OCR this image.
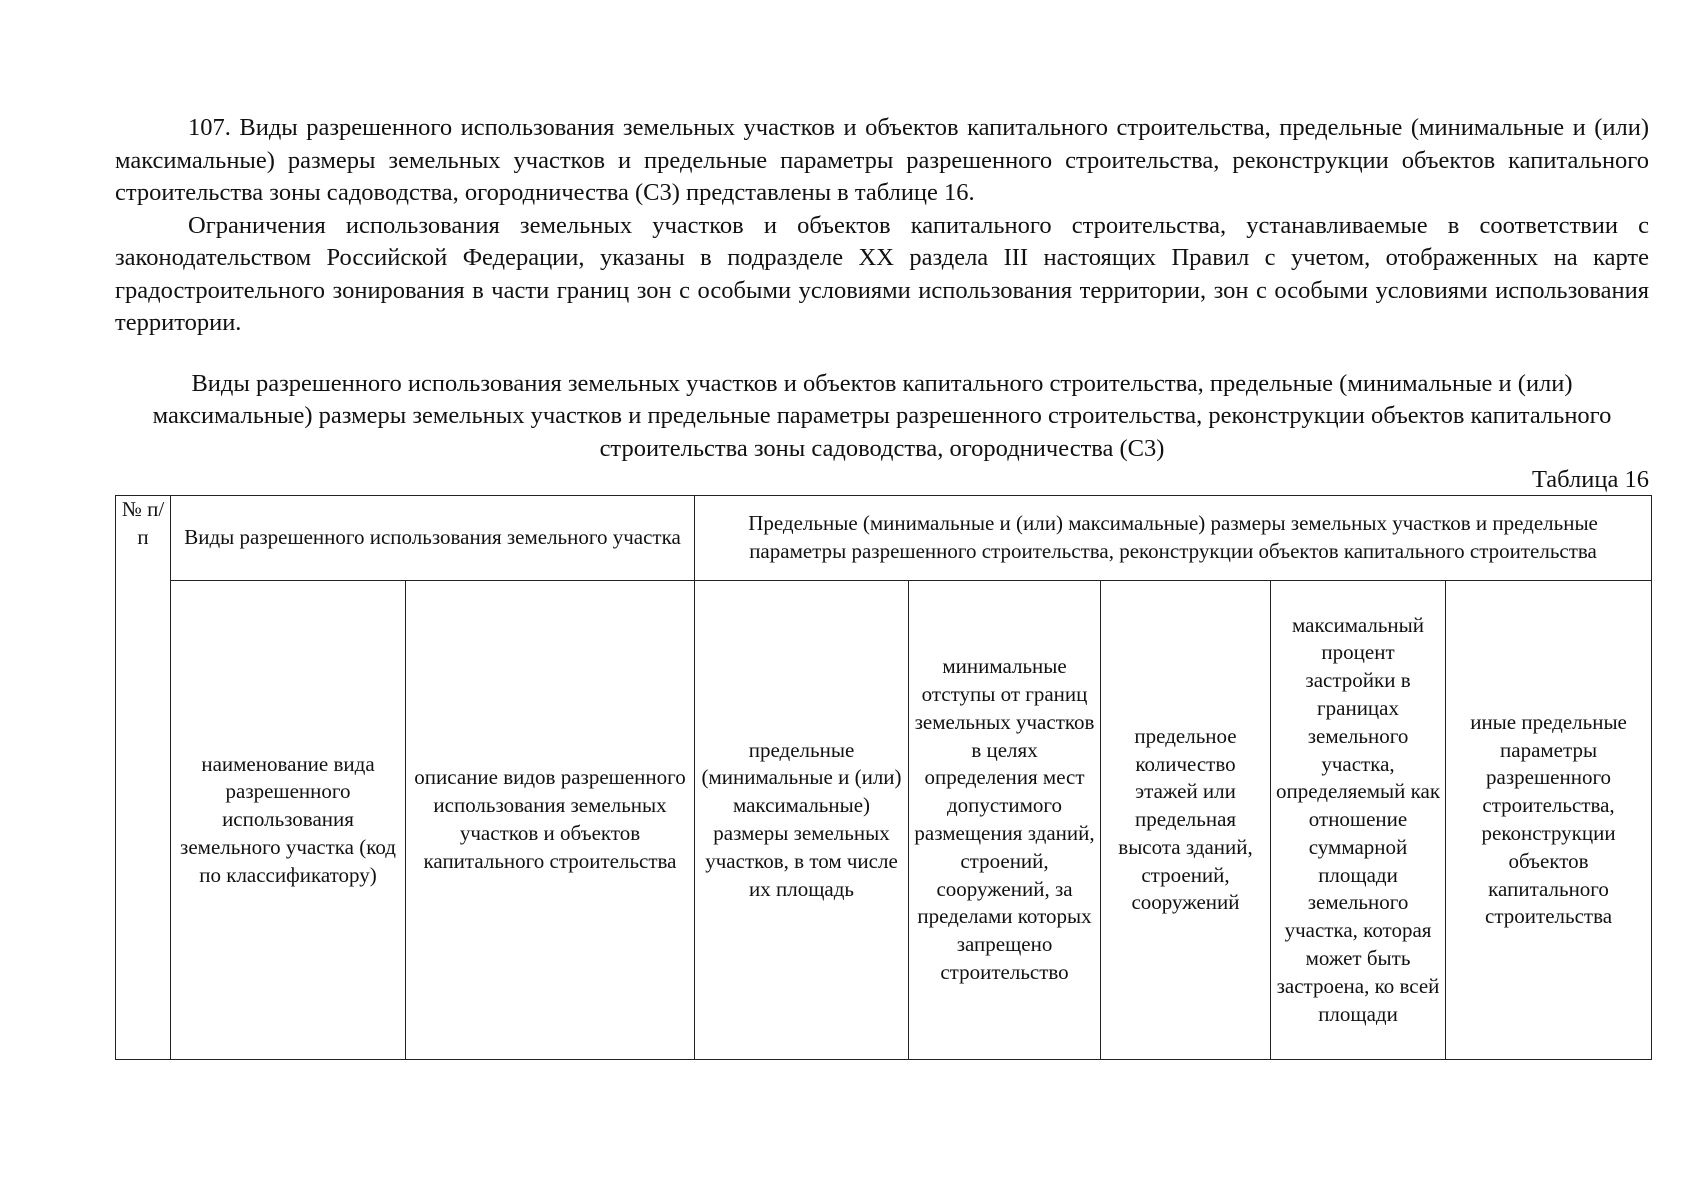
107. Виды разрешенного использования земельных участков и объектов капитального строительства, предельные (минимальные и (или) максимальные) размеры земельных участков и предельные параметры разрешенного строительства, реконструкции объектов капитального строительства зоны садоводства, огородничества (С3) представлены в таблице 16.

Ограничения использования земельных участков и объектов капитального строительства, устанавливаемые в соответствии с законодательством Российской Федерации, указаны в подразделе XX раздела III настоящих Правил с учетом, отображенных на карте градостроительного зонирования в части границ зон с особыми условиями использования территории, зон с особыми условиями использования территории.

Виды разрешенного использования земельных участков и объектов капитального строительства, предельные (минимальные и (или) максимальные) размеры земельных участков и предельные параметры разрешенного строительства, реконструкции объектов капитального строительства зоны садоводства, огородничества (С3)
Таблица 16
№ п/п	Виды разрешенного использования земельного участка		Предельные (минимальные и (или) максимальные) размеры земельных участков и предельные параметры разрешенного строительства, реконструкции объектов капитального строительства				
	наименование вида разрешенного использования земельного участка (код по классификатору)	описание видов разрешенного использования земельных участков и объектов капитального строительства	предельные (минимальные и (или) максимальные) размеры земельных участков, в том числе их площадь	минимальные отступы от границ земельных участков в целях определения мест допустимого размещения зданий, строений, сооружений, за пределами которых запрещено строительство	предельное количество этажей или предельная высота зданий, строений, сооружений	максимальный процент застройки в границах земельного участка, определяемый как отношение суммарной площади земельного участка, которая может быть застроена, ко всей площади	иные предельные параметры разрешенного строительства, реконструкции объектов капитального строительства
